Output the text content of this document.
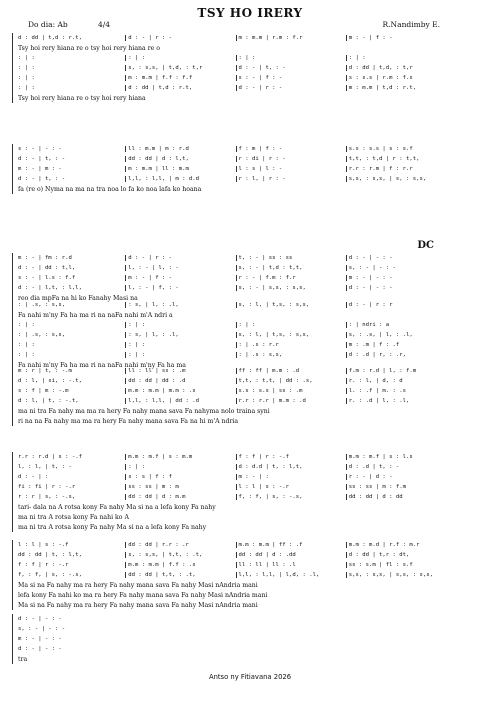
TSY HO IRERY
Do dia: Ab	4/4	R.Nandimby E.
DC
d : dd | t,d : r.t,	d : - | r : -	m : m.m | r.m : f.r	m : - | f : -
Tsy hoi rery hiana re o tsy hoi rery hiana re o
: | :	: | :	: | :	: | :
: | :	s, : s,s, | t,d, : t,r	d : - | t, : -	d : dd | t,d, : t,r
: | :	m : m.m | f.f : f.f	s : - | f : -	s : s.s | r.m : f.s
: | :	d : dd | t,d : r.t,	d : - | r : -	m : m.m | t,d : r.t,
Tsy hoi rery hiana re o tsy hoi rery hiana
s : - | - : -	ll : m.m | m : r.d	f : m | f : -	s.s : s.s | s : s.f
d : - | t, : -	dd : dd | d : l,t,	r : di | r : -	t,t, : t,d | r : t,t,
m : - | m : -	m : m.m | ll : m.m	l : s | l : -	r.r : r.m | f : r.r
d : - | t, : -	l,l, : l,l, | m : d.d	r : l, | r : -	s,s, : s,s, | s, : s,s,
fa (re o) Nyma na ma na tra noa lo fa ko noa lafa ko hoana
m : - | fm : r.d	d : - | r : -	t, : - | ss : ss	d : - | - : -
d : - | dd : t,l,	l, : - | l, : -	s, : - | t,d : t,t,	s, : - | - : -
s : - | l.s : f.f	m : - | f : -	r : - | f.m : f.r	m : - | - : -
d : - | l,t, : l,l,	l, : - | f, : -	s, : - | s,s, : s,s,	d : - | - : -
reo dia mpFa na hi ko Fanahy Masi na
: | .s, : s,s,	: s, | l, : .l,	s, : l, | t,s, : s,s,	d : - | r : r
Fa nahi m'ny Fa ha ma ri na naFa nahi m'A ndri a
: | :	: | :	: | :	: | ndri : a
: | .s, : s,s,	: s, | l, : .l,	s, : l, | t,s, : s,s,	s, : .s, | l, : .l,
: | :	: | :	: | .s : r.r	m : .m | f : .f
: | :	: | :	: | .s : s,s,	d : .d | r, : .r,
Fa nahi m'ny Fa ha ma ri na naFa nahi m'ny Fa ha ma
m : r | t, : -.m	ll : ll | ss : .m	ff : ff | m.m : .d	f.m : r.d | l, : f.m
d : l, | si, : -.t,	dd : dd | dd : .d	t,t, : t,t, | dd : .s,	r. : l, | d, : d
s : f | m : -.m	m.m : m.m | m.m : .s	s.s : s.s | ss : .m	l. : .f | m. : .s
d : l, | t, : -.t,	l,l, : l,l, | dd : .d	r.r : r.r | m.m : .d	r. : .d | l, : .l,
ma ni tra Fa nahy ma ma ra hery Fa nahy mana sava Fa nahyma nolo traina syni
ri na na Fa nahy ma ma ra hery Fa nahy mana sava Fa na hi m'A ndria
r.r : r.d | s : -.f	m.m : m.f | s : m.m	f : f | r : -.f	m.m : m.f | s : l.s
l, : l, | t, : -	: | :	d : d.d | t, : l,t,	d : .d | t, : -
d : - | :	s : s | f : f	m : - | :	r : - | d : -
fi : fi | r : -.r	ss : ss | m : m	l : l | s : -.r	ss : ss | m : f.m
r : r | s, : -.s,	dd : dd | d : m.m	f, : f, | s, : -.s,	dd : dd | d : dd
tari- dala na A rotsa kony Fa nahy Ma si na a lefa kony Fa nahy
ma ni tra A rotsa kony Fa nahi ko A
ma ni tra A rotsa kony Fa nahy Ma si na a lefa kony Fa nahy
l : l | s : -.f	dd : dd | r.r : .r	m.m : m.m | ff : .f	m.m : m.d | r.f : m.r
dd : dd | t, : l,t,	s, : s,s, | t,t, : .t,	dd : dd | d : .dd	d : dd | t,r : dt,
f : f | r : -.r	m.m : m.m | f.f : .s	ll : ll | ll : .l	ss : s.m | fl : s.f
f, : f, | s, : -.s,	dd : dd | t,t, : .t,	l,l, : l,l, | l,d, : .l,	s,s, : s,s, | s,s, : s,s,
Ma si na Fa nahy ma ra hery Fa nahy mana sava Fa nahy Masi nAndria mani
lefa kony Fa nahi ko ma ra hery Fa nahy mana sava Fa nahy Masi nAndria mani
Ma si na Fa nahy ma ra hery Fa nahy mana sava Fa nahy Masi nAndria mani
d : - | - : -
s, : - | - : -
m : - | - : -
d : - | - : -
tra
Antso ny Fitiavana 2026
